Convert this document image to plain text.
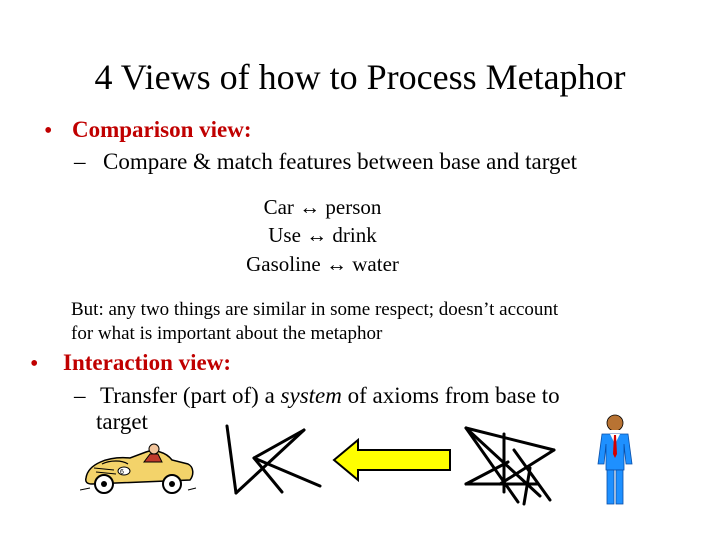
4 Views of how to Process Metaphor
• Comparison view:
– Compare & match features between base and target
Car ↔ person
Use ↔ drink
Gasoline ↔ water
But: any two things are similar in some respect; doesn’t account
for what is important about the metaphor
• Interaction view:
– Transfer (part of) a system of axioms from base to
target
6
